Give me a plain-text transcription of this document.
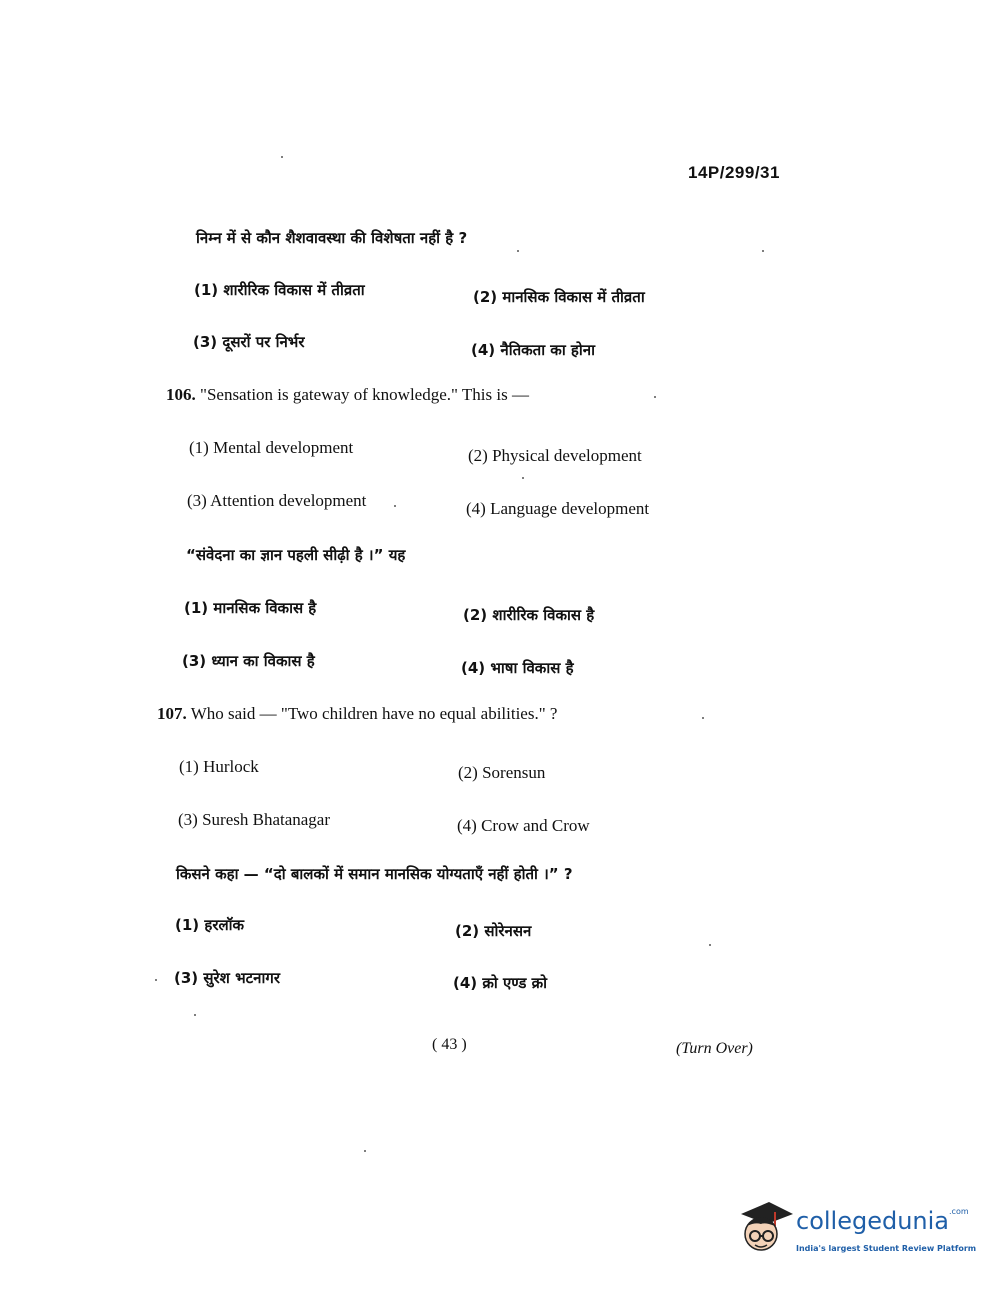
14P/299/31
निम्न में से कौन शैशवावस्था की विशेषता नहीं है ?
(1) शारीरिक विकास में तीव्रता	(2) मानसिक विकास में तीव्रता
(3) दूसरों पर निर्भर	(4) नैतिकता का होना
106. "Sensation is gateway of knowledge." This is —
(1) Mental development	(2) Physical development
(3) Attention development	(4) Language development
“संवेदना का ज्ञान पहली सीढ़ी है ।” यह
(1) मानसिक विकास है	(2) शारीरिक विकास है
(3) ध्यान का विकास है	(4) भाषा विकास है
107. Who said — "Two children have no equal abilities." ?
(1) Hurlock	(2) Sorensun
(3) Suresh Bhatanagar	(4) Crow and Crow
किसने कहा — “दो बालकों में समान मानसिक योग्यताएँ नहीं होती ।” ?
(1) हरलॉक	(2) सोरेनसन
(3) सुरेश भटनागर	(4) क्रो एण्ड क्रो
( 43 )	(Turn Over)
collegedunia$^{.com}$
India's largest Student Review Platform
